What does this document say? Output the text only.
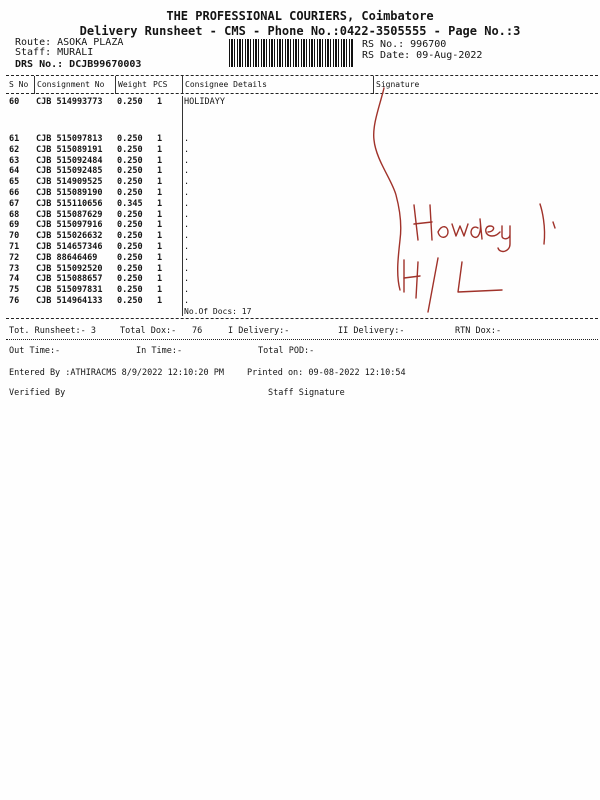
THE PROFESSIONAL COURIERS, Coimbatore
Delivery Runsheet - CMS - Phone No.:0422-3505555 - Page No.:3
Route: ASOKA PLAZA
Staff: MURALI
DRS No.: DCJB99670003
RS No.: 996700
RS Date: 09-Aug-2022
S No Consignment No Weight PCS Consignee Details	Signature
60 CJB 514993773 0.250 1	HOLIDAYY
61 CJB 515097813 0.250 1	.
62 CJB 515089191 0.250 1	.
63 CJB 515092484 0.250 1	.
64 CJB 515092485 0.250 1	.
65 CJB 514909525 0.250 1	.
66 CJB 515089190 0.250 1	.
67 CJB 515110656 0.345 1	.
68 CJB 515087629 0.250 1	.
69 CJB 515097916 0.250 1	.
70 CJB 515026632 0.250 1	.
71 CJB 514657346 0.250 1	.
72 CJB 88646469 0.250 1	.
73 CJB 515092520 0.250 1	.
74 CJB 515088657 0.250 1	.
75 CJB 515097831 0.250 1	.
76 CJB 514964133 0.250 1	.
No.Of Docs: 17
Tot. Runsheet:- 3	Total Dox:- 76	I Delivery:-	II Delivery:-	RTN Dox:-
Out Time:-	In Time:-	Total POD:-
Entered By :ATHIRACMS 8/9/2022 12:10:20 PM	Printed on: 09-08-2022 12:10:54
Verified By	Staff Signature
